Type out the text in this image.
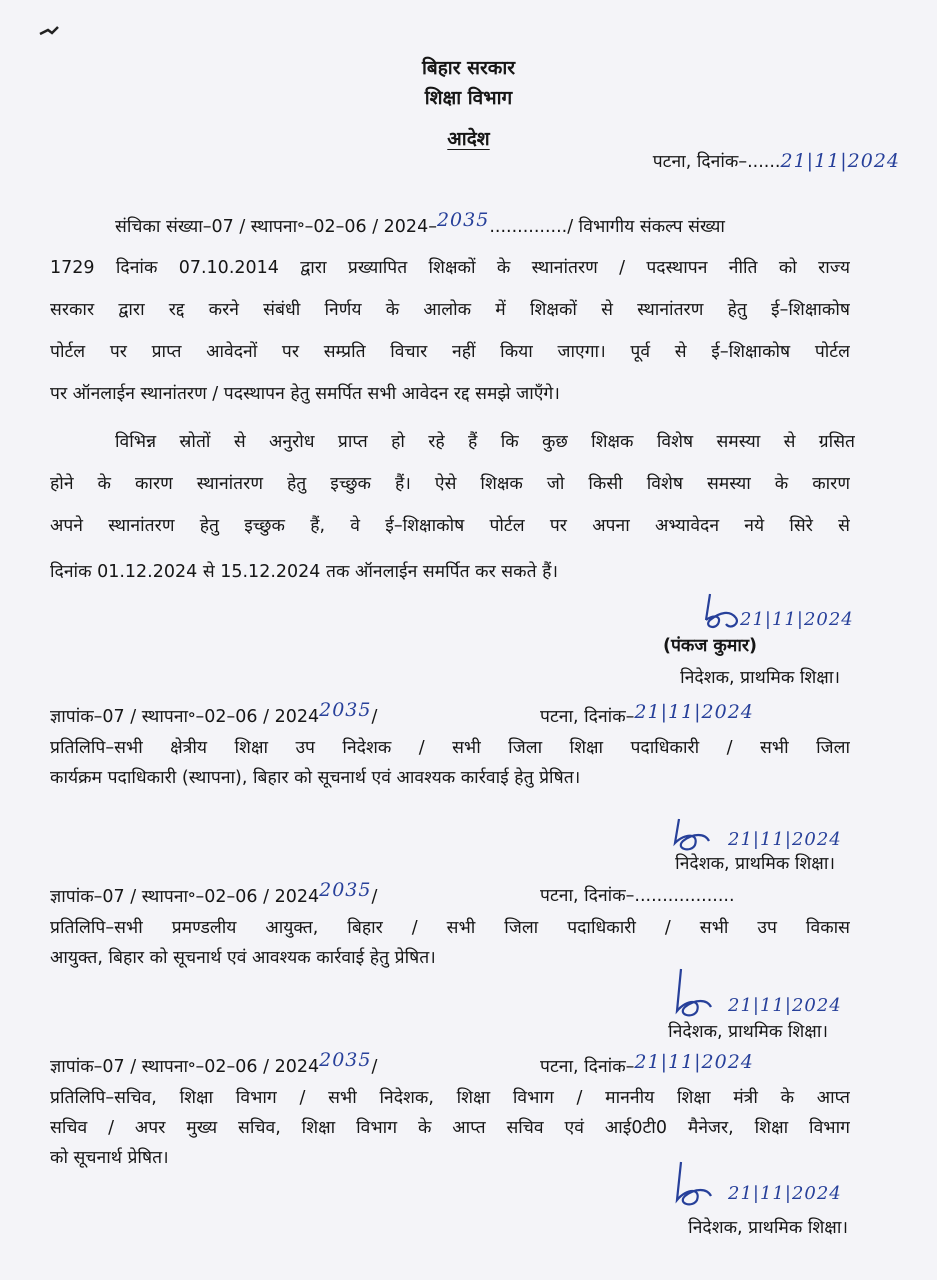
बिहार सरकार
शिक्षा विभाग
आदेश
पटना, दिनांक–......21|11|2024
संचिका संख्या–07 / स्थापना॰–02–06 / 2024–2035............../ विभागीय संकल्प संख्या
1729 दिनांक 07.10.2014 द्वारा प्रख्यापित शिक्षकों के स्थानांतरण / पदस्थापन नीति को राज्य
सरकार द्वारा रद्द करने संबंधी निर्णय के आलोक में शिक्षकों से स्थानांतरण हेतु ई–शिक्षाकोष
पोर्टल पर प्राप्त आवेदनों पर सम्प्रति विचार नहीं किया जाएगा। पूर्व से ई–शिक्षाकोष पोर्टल
पर ऑनलाईन स्थानांतरण / पदस्थापन हेतु समर्पित सभी आवेदन रद्द समझे जाएँगे।
विभिन्न स्रोतों से अनुरोध प्राप्त हो रहे हैं कि कुछ शिक्षक विशेष समस्या से ग्रसित
होने के कारण स्थानांतरण हेतु इच्छुक हैं। ऐसे शिक्षक जो किसी विशेष समस्या के कारण
अपने स्थानांतरण हेतु इच्छुक हैं, वे ई–शिक्षाकोष पोर्टल पर अपना अभ्यावेदन नये सिरे से
दिनांक 01.12.2024 से 15.12.2024 तक ऑनलाईन समर्पित कर सकते हैं।
21|11|2024
(पंकज कुमार)
निदेशक, प्राथमिक शिक्षा।
ज्ञापांक–07 / स्थापना॰–02–06 / 20242035/	पटना, दिनांक–21|11|2024
प्रतिलिपि–सभी क्षेत्रीय शिक्षा उप निदेशक / सभी जिला शिक्षा पदाधिकारी / सभी जिला
कार्यक्रम पदाधिकारी (स्थापना), बिहार को सूचनार्थ एवं आवश्यक कार्रवाई हेतु प्रेषित।
21|11|2024
निदेशक, प्राथमिक शिक्षा।
ज्ञापांक–07 / स्थापना॰–02–06 / 20242035/	पटना, दिनांक–..................
प्रतिलिपि–सभी प्रमण्डलीय आयुक्त, बिहार / सभी जिला पदाधिकारी / सभी उप विकास
आयुक्त, बिहार को सूचनार्थ एवं आवश्यक कार्रवाई हेतु प्रेषित।
21|11|2024
निदेशक, प्राथमिक शिक्षा।
ज्ञापांक–07 / स्थापना॰–02–06 / 20242035/	पटना, दिनांक–21|11|2024
प्रतिलिपि–सचिव, शिक्षा विभाग / सभी निदेशक, शिक्षा विभाग / माननीय शिक्षा मंत्री के आप्त
सचिव / अपर मुख्य सचिव, शिक्षा विभाग के आप्त सचिव एवं आई0टी0 मैनेजर, शिक्षा विभाग
को सूचनार्थ प्रेषित।
21|11|2024
निदेशक, प्राथमिक शिक्षा।
